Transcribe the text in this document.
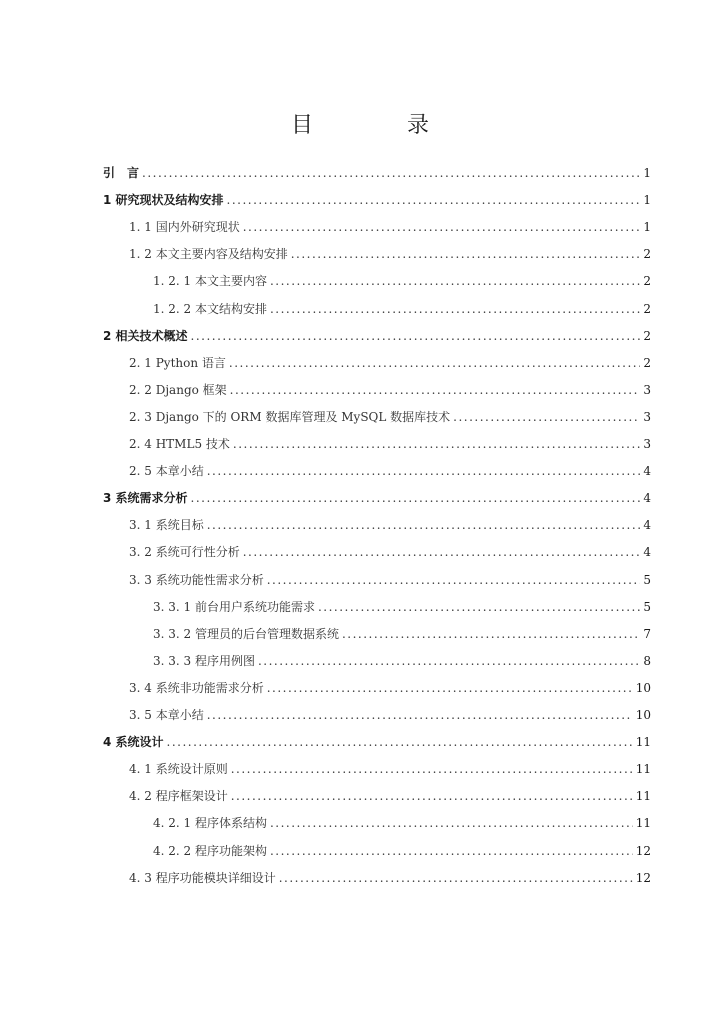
目　录
引　言 .....	1
1 研究现状及结构安排 .....	1
1. 1 国内外研究现状 .....	1
1. 2 本文主要内容及结构安排 .....	2
1. 2. 1 本文主要内容 .....	2
1. 2. 2 本文结构安排 .....	2
2 相关技术概述 .....	2
2. 1 Python 语言 .....	2
2. 2 Django 框架 .....	3
2. 3 Django 下的 ORM 数据库管理及 MySQL 数据库技术 .....	3
2. 4 HTML5 技术 .....	3
2. 5 本章小结 .....	4
3 系统需求分析 .....	4
3. 1 系统目标 .....	4
3. 2 系统可行性分析 .....	4
3. 3 系统功能性需求分析 .....	5
3. 3. 1 前台用户系统功能需求 .....	5
3. 3. 2 管理员的后台管理数据系统 .....	7
3. 3. 3 程序用例图 .....	8
3. 4 系统非功能需求分析 .....	10
3. 5 本章小结 .....	10
4 系统设计 .....	11
4. 1 系统设计原则 .....	11
4. 2 程序框架设计 .....	11
4. 2. 1 程序体系结构 .....	11
4. 2. 2 程序功能架构 .....	12
4. 3 程序功能模块详细设计 .....	12
